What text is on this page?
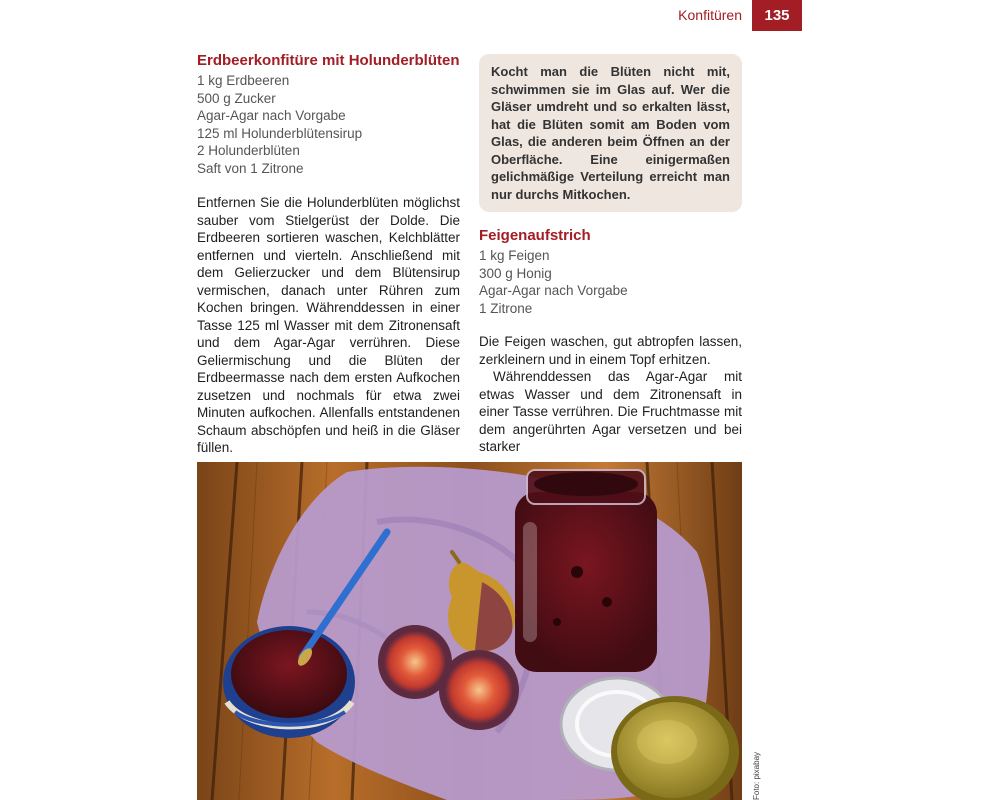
Konfitüren	135
Erdbeerkonfitüre mit Holunderblüten
1 kg Erdbeeren
500 g Zucker
Agar-Agar nach Vorgabe
125 ml Holunderblütensirup
2 Holunderblüten
Saft von 1 Zitrone

Entfernen Sie die Holunderblüten möglichst sauber vom Stielgerüst der Dolde. Die Erdbeeren sortieren waschen, Kelchblätter entfernen und vierteln. Anschließend mit dem Gelierzucker und dem Blütensirup vermischen, danach unter Rühren zum Kochen bringen. Währenddessen in einer Tasse 125 ml Wasser mit dem Zitronensaft und dem Agar-Agar verrühren. Diese Geliermischung und die Blüten der Erdbeermasse nach dem ersten Aufkochen zusetzen und nochmals für etwa zwei Minuten aufkochen. Allenfalls entstandenen Schaum abschöpfen und heiß in die Gläser füllen.

Kocht man die Blüten nicht mit, schwimmen sie im Glas auf. Wer die Gläser umdreht und so erkalten lässt, hat die Blüten somit am Boden vom Glas, die anderen beim Öffnen an der Oberfläche. Eine einigermaßen gelichmäßige Verteilung erreicht man nur durchs Mitkochen.
Feigenaufstrich
1 kg Feigen
300 g Honig
Agar-Agar nach Vorgabe
1 Zitrone

Die Feigen waschen, gut abtropfen lassen, zerkleinern und in einem Topf erhitzen.

Währenddessen das Agar-Agar mit etwas Wasser und dem Zitronensaft in einer Tasse verrühren. Die Fruchtmasse mit dem angerührten Agar versetzen und bei starker

Foto: pixabay
